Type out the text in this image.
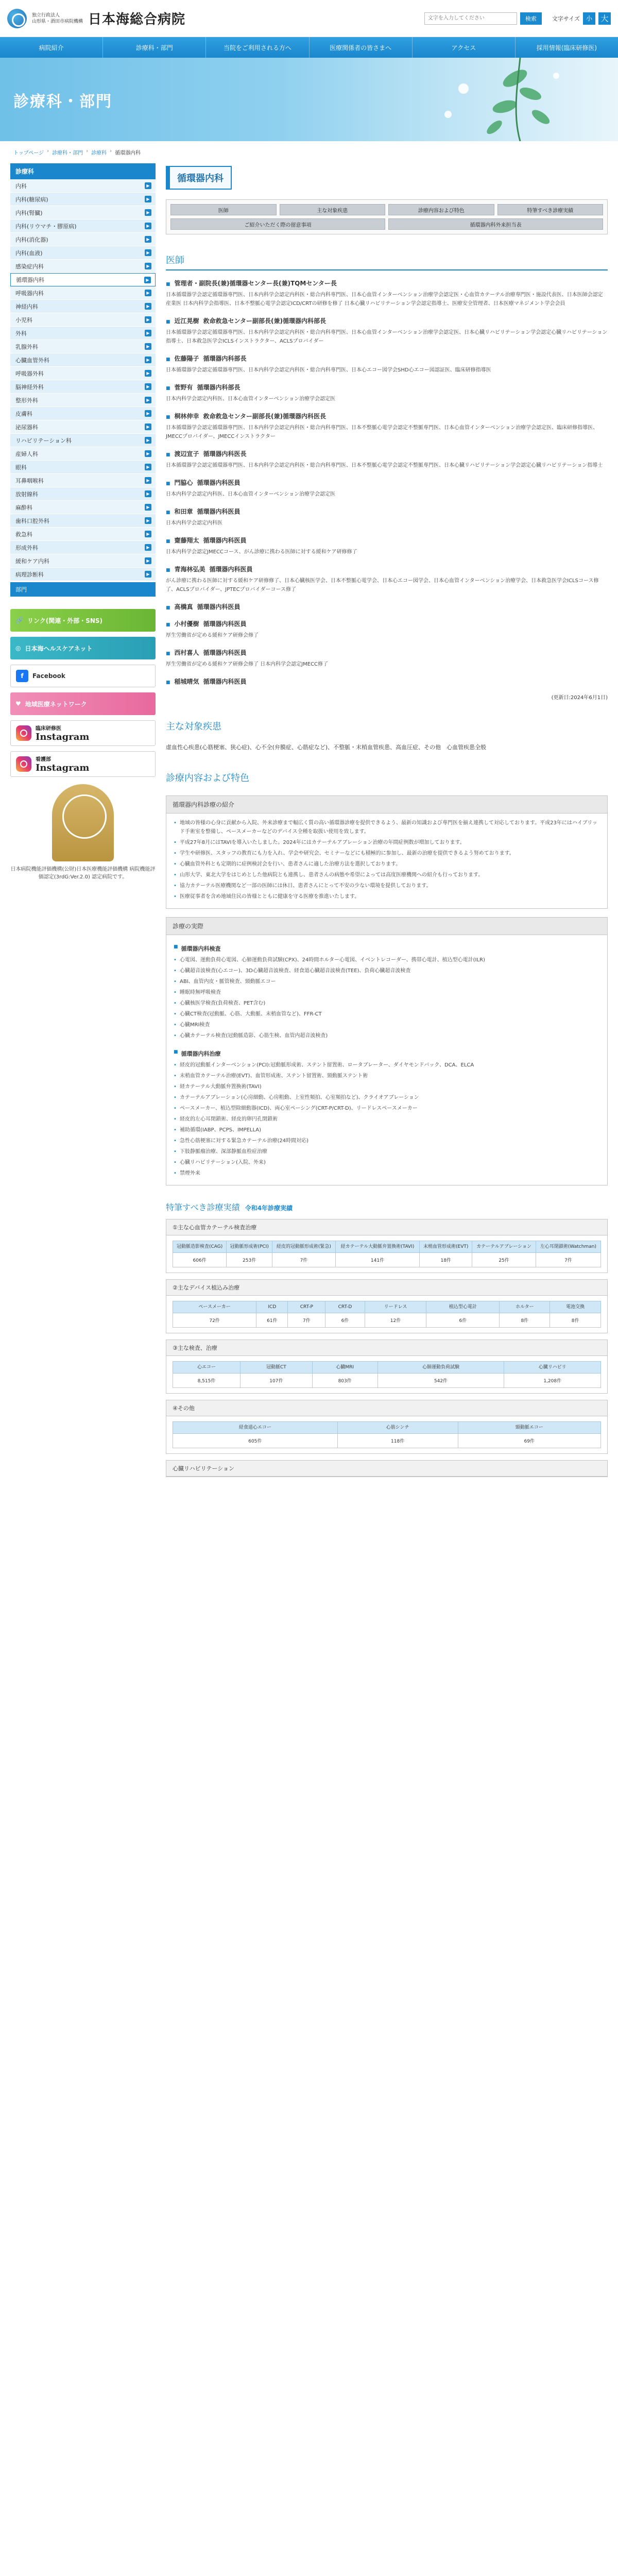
独立行政法人
山形県・酒田市病院機構 日本海総合病院
文字を入力してください	検索	文字サイズ 小	大
病院紹介	診療科・部門	当院をご利用される方へ	医療関係者の皆さまへ	アクセス	採用情報(臨床研修医)
診療科・部門
トップページ › 診療科・部門 › 診療科 › 循環器内科
診療科
内科	▶
内科(糖尿病)	▶
内科(腎臓)	▶
内科(リウマチ・膠原病)	▶
内科(消化器)	▶
内科(血液)	▶
感染症内科	▶
循環器内科	▶
呼吸器内科	▶
神経内科	▶
小児科	▶
外科	▶
乳腺外科	▶
心臓血管外科	▶
呼吸器外科	▶
脳神経外科	▶
整形外科	▶
皮膚科	▶
泌尿器科	▶
リハビリテーション科	▶
産婦人科	▶
眼科	▶
耳鼻咽喉科	▶
放射線科	▶
麻酔科	▶
歯科口腔外科	▶
救急科	▶
形成外科	▶
緩和ケア内科	▶
病理診断科	▶
部門
🔗 リンク(関連・外部・SNS)
◎ 日本海ヘルスケアネット
f	Facebook
♥ 地域医療ネットワーク
臨床研修医
Instagram
看護部
Instagram
日本病院機能評価機構(公財)日本医療機能評価機構 病院機能評価認定(3rdG:Ver.2.0) 認定病院です。
循環器内科
医師	主な対象疾患	診療内容および特色	特筆すべき診療実績
ご紹介いただく際の留意事項	循環器内科外来担当表
医師
■ 管理者・副院長(兼)循環器センター長(兼)TQMセンター長
日本循環器学会認定循環器専門医、日本内科学会認定内科医・総合内科専門医、日本心血管インターベンション治療学会認定医・心血管カテーテル治療専門医・施設代表医、日本医師会認定産業医 日本内科学会指導医、日本不整脈心電学会認定ICD/CRTの研修を修了 日本心臓リハビリテーション学会認定指導士、医療安全管理者、日本医療マネジメント学会会員
■ 近江晃樹 救命救急センター副部長(兼)循環器内科部長
日本循環器学会認定循環器専門医、日本内科学会認定内科医・総合内科専門医、日本心血管インターベンション治療学会認定医、日本心臓リハビリテーション学会認定心臓リハビリテーション指導士、日本救急医学会ICLSインストラクター、ACLSプロバイダー
■ 佐藤陽子 循環器内科部長
日本循環器学会認定循環器専門医、日本内科学会認定内科医・総合内科専門医、日本心エコー図学会SHD心エコー図認証医、臨床研修指導医
■ 菅野有 循環器内科部長
日本内科学会認定内科医、日本心血管インターベンション治療学会認定医
■ 桐林伸幸 救命救急センター副部長(兼)循環器内科医長
日本循環器学会認定循環器専門医、日本内科学会認定内科医・総合内科専門医、日本不整脈心電学会認定不整脈専門医、日本心血管インターベンション治療学会認定医、臨床研修指導医、JMECCプロバイダー、JMECCインストラクター
■ 渡辺宣子 循環器内科医長
日本循環器学会認定循環器専門医、日本内科学会認定内科医・総合内科専門医、日本不整脈心電学会認定不整脈専門医、日本心臓リハビリテーション学会認定心臓リハビリテーション指導士
■ 門脇心 循環器内科医員
日本内科学会認定内科医、日本心血管インターベンション治療学会認定医
■ 和田章 循環器内科医員
日本内科学会認定内科医
■ 齋藤翔太 循環器内科医員
日本内科学会認定JMECCコース、がん診療に携わる医師に対する緩和ケア研修修了
■ 青海林弘美 循環器内科医員
がん診療に携わる医師に対する緩和ケア研修修了、日本心臓核医学会、日本不整脈心電学会、日本心エコー図学会、日本心血管インターベンション治療学会、日本救急医学会ICLSコース修了、ACLSプロバイダー、JPTECプロバイダーコース修了
■ 高橋真 循環器内科医員
■ 小村優樹 循環器内科医員
厚生労働省が定める緩和ケア研修会修了
■ 西村喜人 循環器内科医員
厚生労働省が定める緩和ケア研修会修了 日本内科学会認定JMECC修了
■ 稲城晴気 循環器内科医員
(更新日:2024年6月1日)
主な対象疾患
虚血性心疾患(心筋梗塞、狭心症)、心不全(弁膜症、心筋症など)、不整脈・末梢血管疾患、高血圧症、その他　心血管疾患全般
診療内容および特色
循環器内科診療の紹介
• 地域の皆様の心身に貢献から入院、外来診療まで幅広く質の高い循環器診療を提供できるよう、最新の知識および専門医を揃え連携して対応しております。平成23年にはハイブリッド手術室を整備し、ペースメーカーなどのデバイス全種を取扱い使用を致します。
• 平成27年8月にはTAVIを導入いたしました。2024年にはカテーテルアブレーション治療の年間症例数が増加しております。
• 学生や研修医、スタッフの教育にも力を入れ、学会や研究会、セミナーなどにも積極的に参加し、最新の治療を提供できるよう努めております。
• 心臓血管外科とも定期的に症例検討会を行い、患者さんに適した治療方法を選択しております。
• 山形大学、東北大学をはじめとした他病院とも連携し、患者さんの病態や希望によっては高度医療機関への紹介も行っております。
• 協力カテーテル医療機関など一部の医師には休日、患者さんにとって不安の少ない環境を提供しております。
• 医療従事者を含め地域住民の皆様とともに健康を守る医療を推進いたします。
診療の実際
■ 循環器内科検査
• 心電図、運動負荷心電図、心肺運動負荷試験(CPX)、24時間ホルター心電図、イベントレコーダー、携帯心電計、植込型心電計(ILR)
• 心臓超音波検査(心エコー)、3D心臓超音波検査、経食道心臓超音波検査(TEE)、負荷心臓超音波検査
• ABI、血管内皮・脈管検査、頸動脈エコー
• 睡眠時無呼吸検査
• 心臓核医学検査(負荷検査、PET含む)
• 心臓CT検査(冠動脈、心筋、大動脈、末梢血管など)、FFR-CT
• 心臓MRI検査
• 心臓カテーテル検査(冠動脈造影、心筋生検、血管内超音波検査)
■ 循環器内科治療
• 経皮的冠動脈インターベンション(PCI):冠動脈形成術、ステント留置術、ロータブレーター、ダイヤモンドバック、DCA、ELCA
• 末梢血管カテーテル治療(EVT)、血管形成術、ステント留置術、頸動脈ステント術
• 経カテーテル大動脈弁置換術(TAVI)
• カテーテルアブレーション(心房細動、心房粗動、上室性頻拍、心室頻拍など)、クライオアブレーション
• ペースメーカー、植込型除細動器(ICD)、両心室ペーシング(CRT-P/CRT-D)、リードレスペースメーカー
• 経皮的左心耳閉鎖術、経皮的卵円孔閉鎖術
• 補助循環(IABP、PCPS、IMPELLA)
• 急性心筋梗塞に対する緊急カテーテル治療(24時間対応)
• 下肢静脈瘤治療、深部静脈血栓症治療
• 心臓リハビリテーション(入院、外来)
• 禁煙外来
特筆すべき診療実績 令和4年診療実績
①主な心血管カテーテル検査治療
冠動脈造影検査(CAG)	冠動脈形成術(PCI)	経皮的冠動脈形成術(緊急)	経カテーテル大動脈弁置換術(TAVI)	末梢血管形成術(EVT)	カテーテルアブレーション	左心耳閉鎖術(Watchman)
606件	253件	7件	141件	18件	25件	7件
②主なデバイス植込み治療
ペースメーカー	ICD	CRT-P	CRT-D	リードレス	植込型心電計	ホルター	電池交換
72件	61件	7件	6件	12件	6件	8件	8件
③主な検査、治療
心エコー	冠動脈CT	心臓MRI	心肺運動負荷試験	心臓リハビリ
8,515件	107件	803件	542件	1,208件
④その他
経食道心エコー	心筋シンチ	頸動脈エコー
605件	118件	69件
心臓リハビリテーション
